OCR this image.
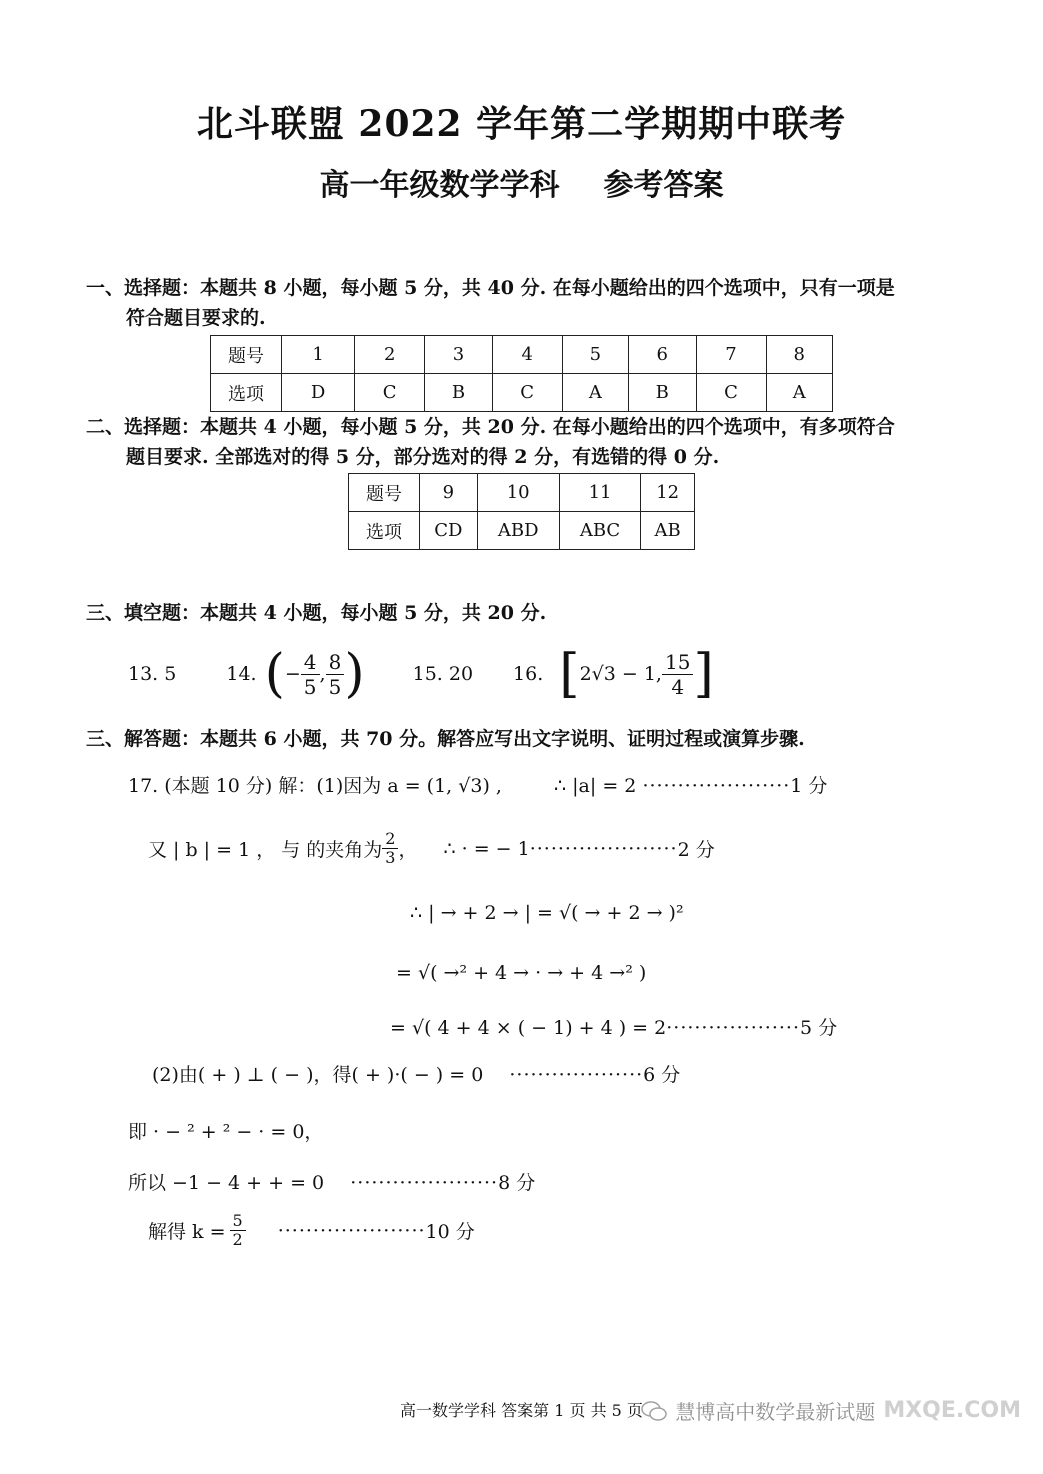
北斗联盟 2022 学年第二学期期中联考
高一年级数学学科 参考答案
一、选择题：本题共 8 小题，每小题 5 分，共 40 分. 在每小题给出的四个选项中，只有一项是
符合题目要求的.
题号	1	2	3	4	5	6	7	8
选项	D	C	B	C	A	B	C	A
二、选择题：本题共 4 小题，每小题 5 分，共 20 分. 在每小题给出的四个选项中，有多项符合
题目要求. 全部选对的得 5 分，部分选对的得 2 分，有选错的得 0 分.
题号	9	10	11	12
选项	CD	ABD	ABC	AB
三、填空题：本题共 4 小题，每小题 5 分，共 20 分.
13. 5	14. ( − $\frac{4}{5}$ , $\frac{8}{5}$ )	15. 20 16. [ 2√3 − 1, $\frac{15}{4}$ ]
三、解答题：本题共 6 小题，共 70 分。解答应写出文字说明、证明过程或演算步骤.
17. (本题 10 分) 解：(1)因为 a = (1, √3) ,	∴ |a| = 2 ·····················1 分
又 | b | = 1 ， 与 的夹角为 $\frac{2}{3}$ ， ∴ · = − 1 ····················· 2 分
∴ | → + 2 → | = √( → + 2 → )²
= √( →² + 4 → · → + 4 →² )
= √( 4 + 4 × ( − 1) + 4 ) = 2···················5 分
(2)由( + ) ⊥ ( − )，得( + )·( − ) = 0 ···················6 分
即 · − ² + ² − · = 0，
所以 −1 − 4 + + = 0 ·····················8 分
解得 $k = \frac{5}{2}$ ····················· 10 分
高一数学学科 答案第 1 页 共 5 页	慧博高中数学最新试题 MXQE.COM
